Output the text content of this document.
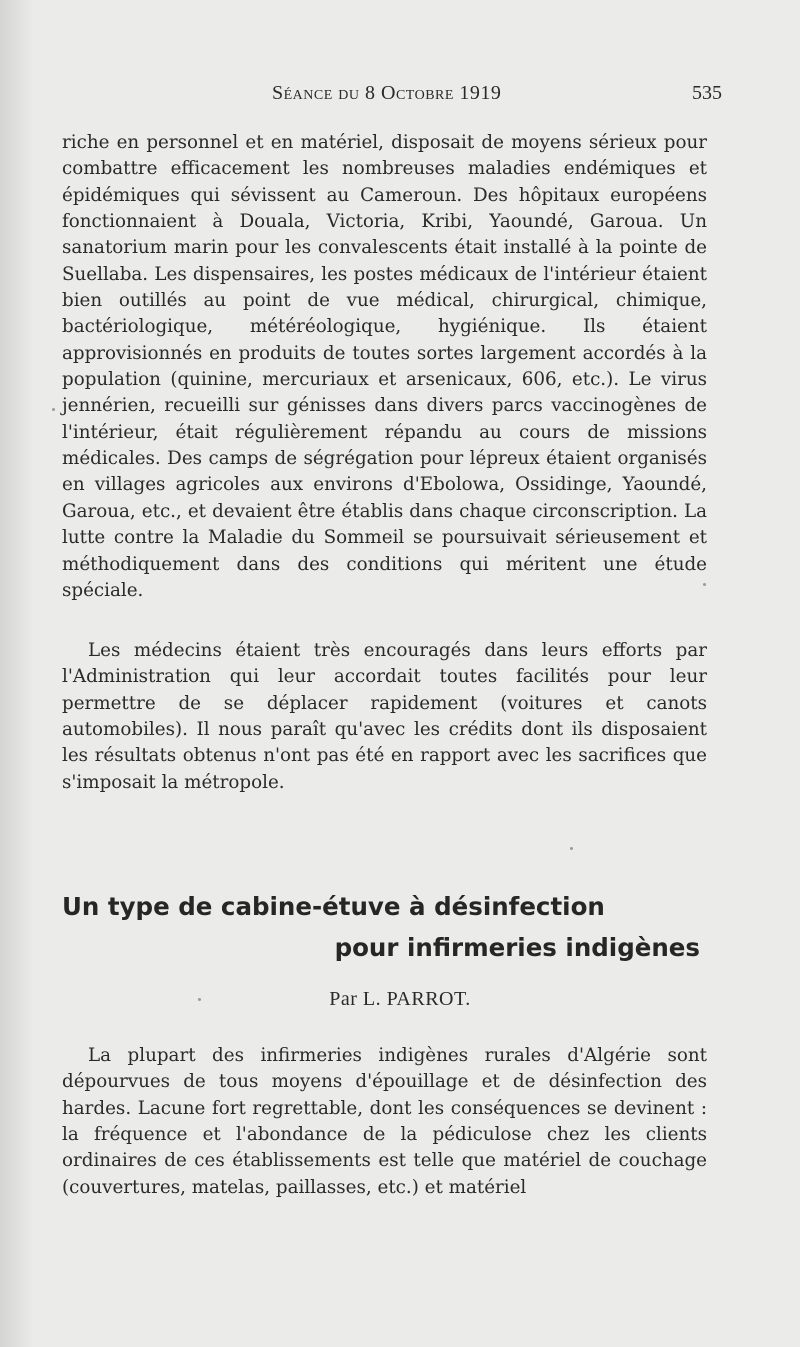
Séance du 8 Octobre 1919	535

riche en personnel et en matériel, disposait de moyens sérieux pour combattre efficacement les nombreuses maladies endémiques et épidémiques qui sévissent au Cameroun. Des hôpitaux européens fonctionnaient à Douala, Victoria, Kribi, Yaoundé, Garoua. Un sanatorium marin pour les convalescents était installé à la pointe de Suellaba. Les dispensaires, les postes médicaux de l'intérieur étaient bien outillés au point de vue médical, chirurgical, chimique, bactériologique, météréologique, hygiénique. Ils étaient approvisionnés en produits de toutes sortes largement accordés à la population (quinine, mercuriaux et arsenicaux, 606, etc.). Le virus jennérien, recueilli sur génisses dans divers parcs vaccinogènes de l'intérieur, était régulièrement répandu au cours de missions médicales. Des camps de ségrégation pour lépreux étaient organisés en villages agricoles aux environs d'Ebolowa, Ossidinge, Yaoundé, Garoua, etc., et devaient être établis dans chaque circonscription. La lutte contre la Maladie du Sommeil se poursuivait sérieusement et méthodiquement dans des conditions qui méritent une étude spéciale.

Les médecins étaient très encouragés dans leurs efforts par l'Administration qui leur accordait toutes facilités pour leur permettre de se déplacer rapidement (voitures et canots automobiles). Il nous paraît qu'avec les crédits dont ils disposaient les résultats obtenus n'ont pas été en rapport avec les sacrifices que s'imposait la métropole.

Un type de cabine-étuve à désinfection
pour infirmeries indigènes
Par L. PARROT.

La plupart des infirmeries indigènes rurales d'Algérie sont dépourvues de tous moyens d'épouillage et de désinfection des hardes. Lacune fort regrettable, dont les conséquences se devinent : la fréquence et l'abondance de la pédiculose chez les clients ordinaires de ces établissements est telle que matériel de couchage (couvertures, matelas, paillasses, etc.) et matériel
